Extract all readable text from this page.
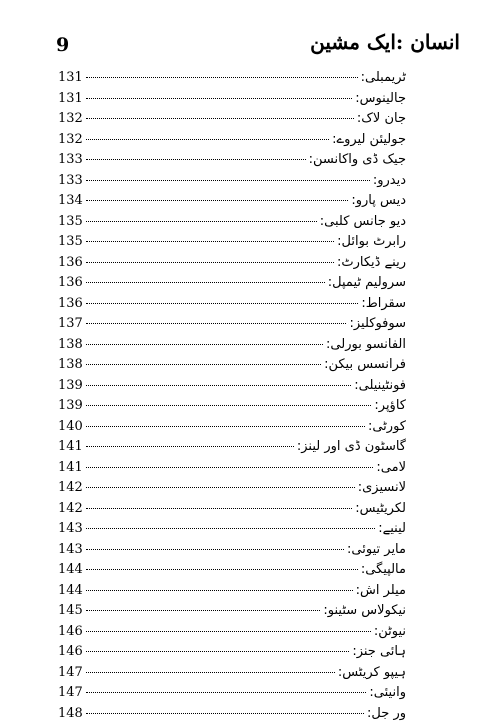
9	انسان :ایک مشین
131	ٹریمبلی:
131	جالینوس:
132	جان لاک:
132	جولیئن لیروے:
133	جیک ڈی واکانسن:
133	دیدرو:
134	دیس پارو:
135	دیو جانس کلبی:
135	رابرٹ بوائل:
136	رینے ڈیکارٹ:
136	سرولیم ٹیمپل:
136	سقراط:
137	سوفوکلیز:
138	الفانسو بورلی:
138	فرانسس بیکن:
139	فونٹینیلی:
139	کاؤپر:
140	کورٹی:
141	گاسٹون ڈی اور لینز:
141	لامی:
142	لانسیزی:
142	لکریٹیس:
143	لینیے:
143	مایر تیوئی:
144	مالپیگی:
144	میلر اش:
145	نیکولاس سٹینو:
146	نیوٹن:
146	ہائی جنز:
147	ہیپو کریٹس:
147	وانیئی:
148	ور جل:
